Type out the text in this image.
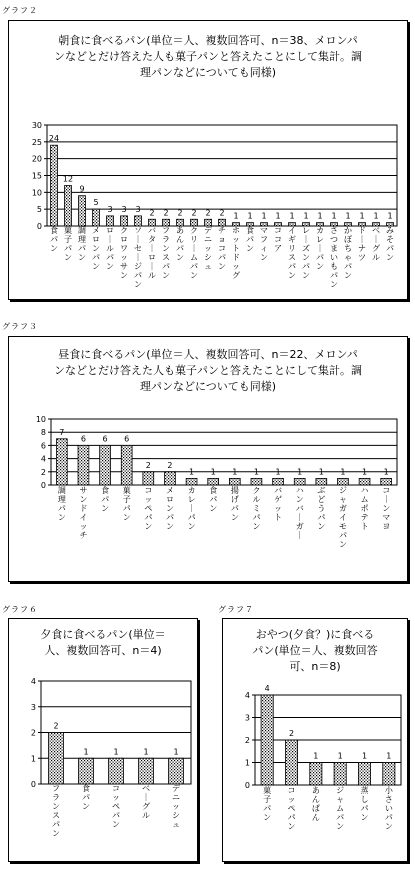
グラフ２
朝食に食べるパン(単位＝人、複数回答可、n＝38、メロンパ
ンなどとだけ答えた人も菓子パンと答えたことにして集計。調
理パンなどについても同様)
0
5
10
15
20
25
30
24
食パン
12
菓子パン
9
調理パン
5
メロンパン
3
ロ｜ルパン
3
クロワッサン
3
ソ｜セ｜ジパン
2
バタ｜ロ｜ル
2
フランスパン
2
あんパン
2
クリ｜ムパン
2
デニッシュ
2
チョコパン
1
ホットドッグ
1
食パン
1
マフィン
1
ココア
1
イギリスパン
1
レ｜ズンパン
1
カレ｜パン
1
さつまいもパン
1
かぼちゃパン
1
ド｜ナツ
1
ベ｜グル
1
みそパン
グラフ３
昼食に食べるパン(単位＝人、複数回答可、n＝22、メロンパ
ンなどとだけ答えた人も菓子パンと答えたことにして集計。調
理パンなどについても同様)
0
2
4
6
8
10
7
調理パン
6
サンドイッチ
6
食パン
6
菓子パン
2
コッペパン
2
メロンパン
1
カレ｜パン
1
食パン
1
揚げパン
1
クルミパン
1
バゲット
1
ハンバ｜ガ｜
1
ぶどうパン
1
ジャガイモパン
1
ハムポテト
1
コ｜ンマヨ
グラフ６
夕食に食べるパン(単位＝
人、複数回答可、n＝4)
0
1
2
3
4
2
フランスパン
1
食パン
1
コッペパン
1
ベ｜グル
1
デニッシュ
グラフ７
おやつ(夕食？)に食べる
パン(単位＝人、複数回答
可、n＝8)
0
1
2
3
4
4
菓子パン
2
コッペパン
1
あんぱん
1
ジャムパン
1
蒸しパン
1
小さいパン
